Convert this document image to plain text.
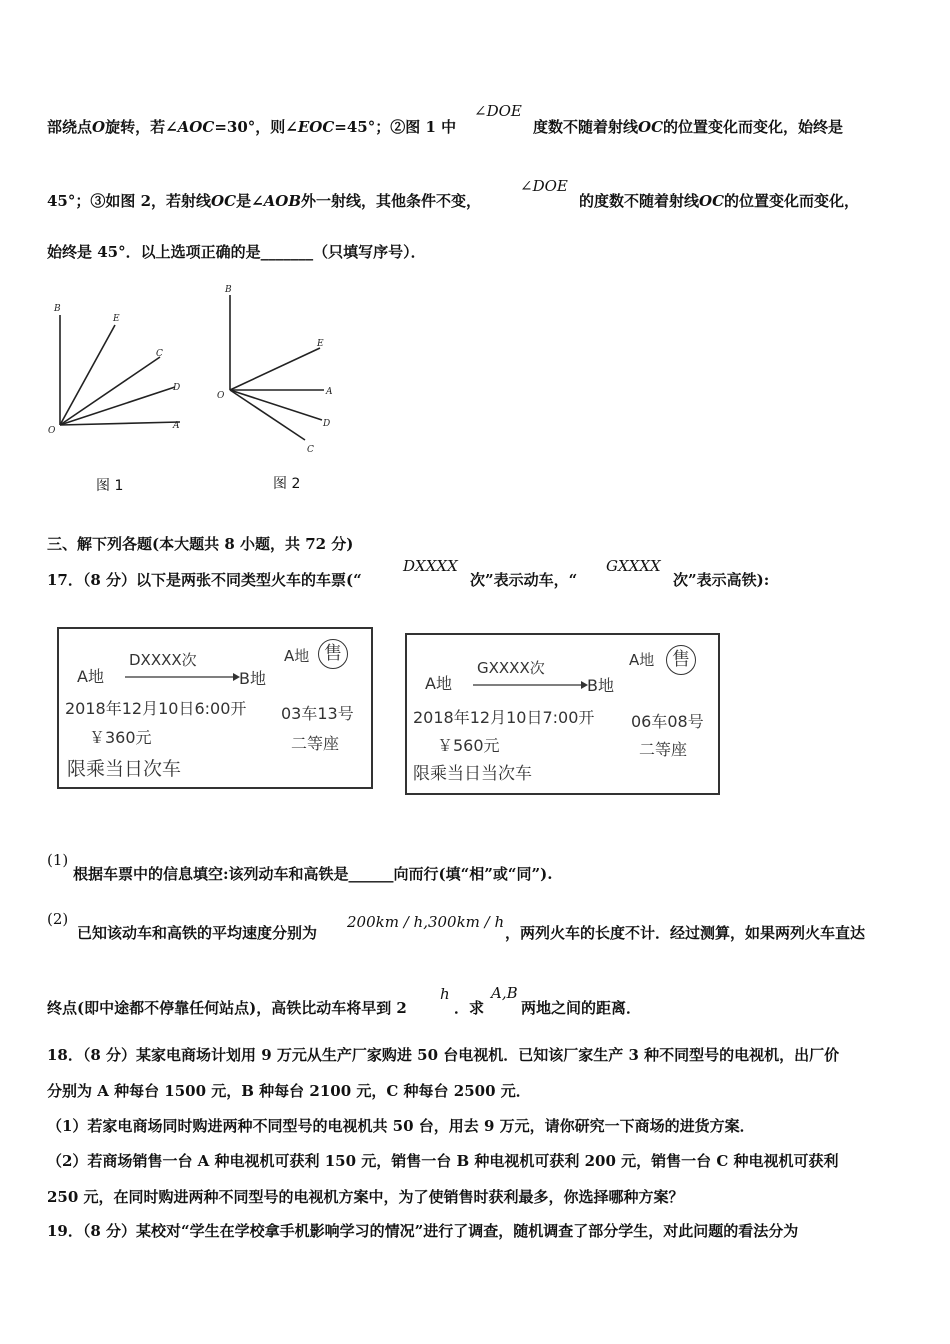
部绕点O旋转，若∠AOC=30°，则∠EOC=45°；②图 1 中
∠DOE
度数不随着射线OC的位置变化而变化，始终是
45°；③如图 2，若射线OC是∠AOB外一射线，其他条件不变，
∠DOE
的度数不随着射线OC的位置变化而变化，
始终是 45°．以上选项正确的是_______（只填写序号）．
B
E
C
D
A
O
图 1
B
E
A
D
C
O
图 2
三、解下列各题(本大题共 8 小题，共 72 分)
17．（8 分）以下是两张不同类型火车的车票(“
DXXXX
次”表示动车，“
GXXXX
次”表示高铁):
A地
DXXXX次
B地
A地 售
2018年12月10日6:00开 03车13号
￥360元	二等座
限乘当日次车
A地
GXXXX次
B地
A地 售
2018年12月10日7:00开 06车08号
￥560元	二等座
限乘当日当次车
(1)
根据车票中的信息填空:该列动车和高铁是______向而行(填“相”或“同”).
(2)
已知该动车和高铁的平均速度分别为
200km / h,300km / h
，两列火车的长度不计．经过测算，如果两列火车直达
终点(即中途都不停靠任何站点)，高铁比动车将早到 2
h
．求
A,B
两地之间的距离．
18．（8 分）某家电商场计划用 9 万元从生产厂家购进 50 台电视机．已知该厂家生产 3 种不同型号的电视机，出厂价
分别为 A 种每台 1500 元，B 种每台 2100 元，C 种每台 2500 元．
（1）若家电商场同时购进两种不同型号的电视机共 50 台，用去 9 万元，请你研究一下商场的进货方案．
（2）若商场销售一台 A 种电视机可获利 150 元，销售一台 B 种电视机可获利 200 元，销售一台 C 种电视机可获利
250 元，在同时购进两种不同型号的电视机方案中，为了使销售时获利最多，你选择哪种方案？
19．（8 分）某校对“学生在学校拿手机影响学习的情况”进行了调查，随机调查了部分学生，对此问题的看法分为
